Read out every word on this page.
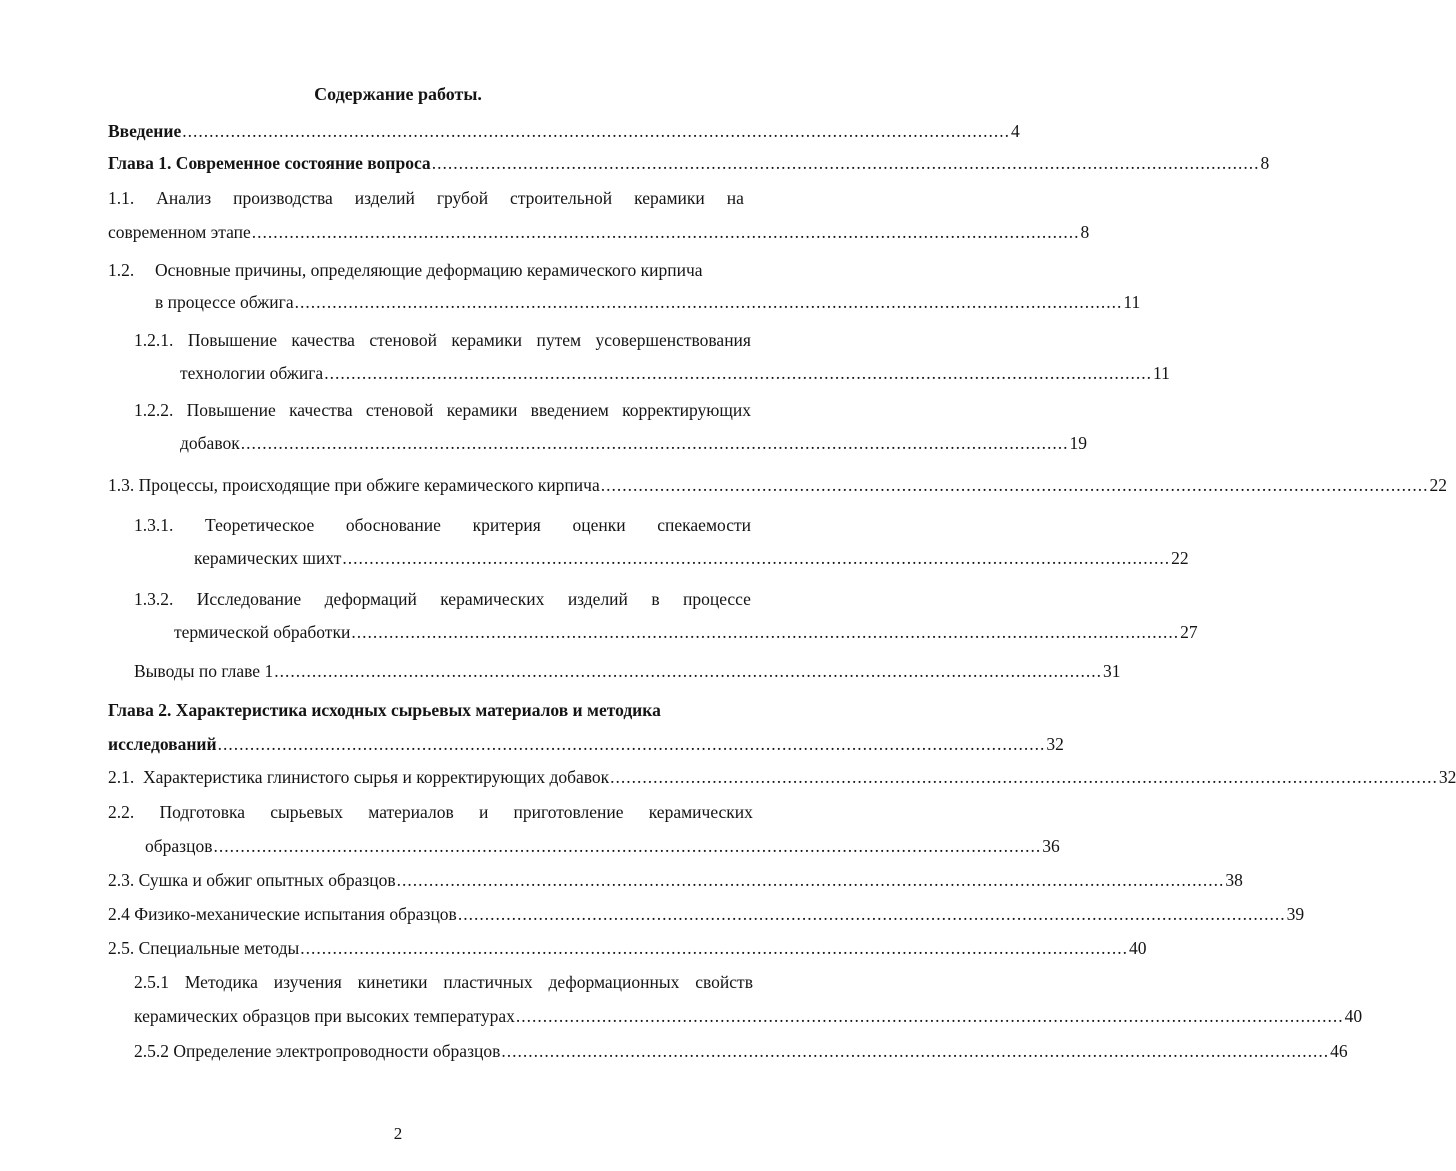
Содержание работы.
Введение .......................................................................................................................................................... 4
Глава 1. Современное состояние вопроса .......................................................................................................................................................... 8
1.1. Анализ производства изделий грубой строительной керамики на
современном этапе .......................................................................................................................................................... 8
1.2.	Основные причины, определяющие деформацию керамического кирпича
в процессе обжига .......................................................................................................................................................... 11
1.2.1. Повышение качества стеновой керамики путем усовершенствования
технологии обжига .......................................................................................................................................................... 11
1.2.2. Повышение качества стеновой керамики введением корректирующих
добавок .......................................................................................................................................................... 19
1.3. Процессы, происходящие при обжиге керамического кирпича .......................................................................................................................................................... 22
1.3.1. Теоретическое обоснование критерия оценки спекаемости
керамических шихт .......................................................................................................................................................... 22
1.3.2. Исследование деформаций керамических изделий в процессе
термической обработки .......................................................................................................................................................... 27
Выводы по главе 1 .......................................................................................................................................................... 31
Глава 2. Характеристика исходных сырьевых материалов и методика
исследований .......................................................................................................................................................... 32
2.1.  Характеристика глинистого сырья и корректирующих добавок .......................................................................................................................................................... 32
2.2. Подготовка сырьевых материалов и приготовление керамических
образцов .......................................................................................................................................................... 36
2.3. Сушка и обжиг опытных образцов .......................................................................................................................................................... 38
2.4 Физико-механические испытания образцов .......................................................................................................................................................... 39
2.5. Специальные методы .......................................................................................................................................................... 40
2.5.1 Методика изучения кинетики пластичных деформационных свойств
керамических образцов при высоких температурах .......................................................................................................................................................... 40
2.5.2 Определение электропроводности образцов .......................................................................................................................................................... 46
2
